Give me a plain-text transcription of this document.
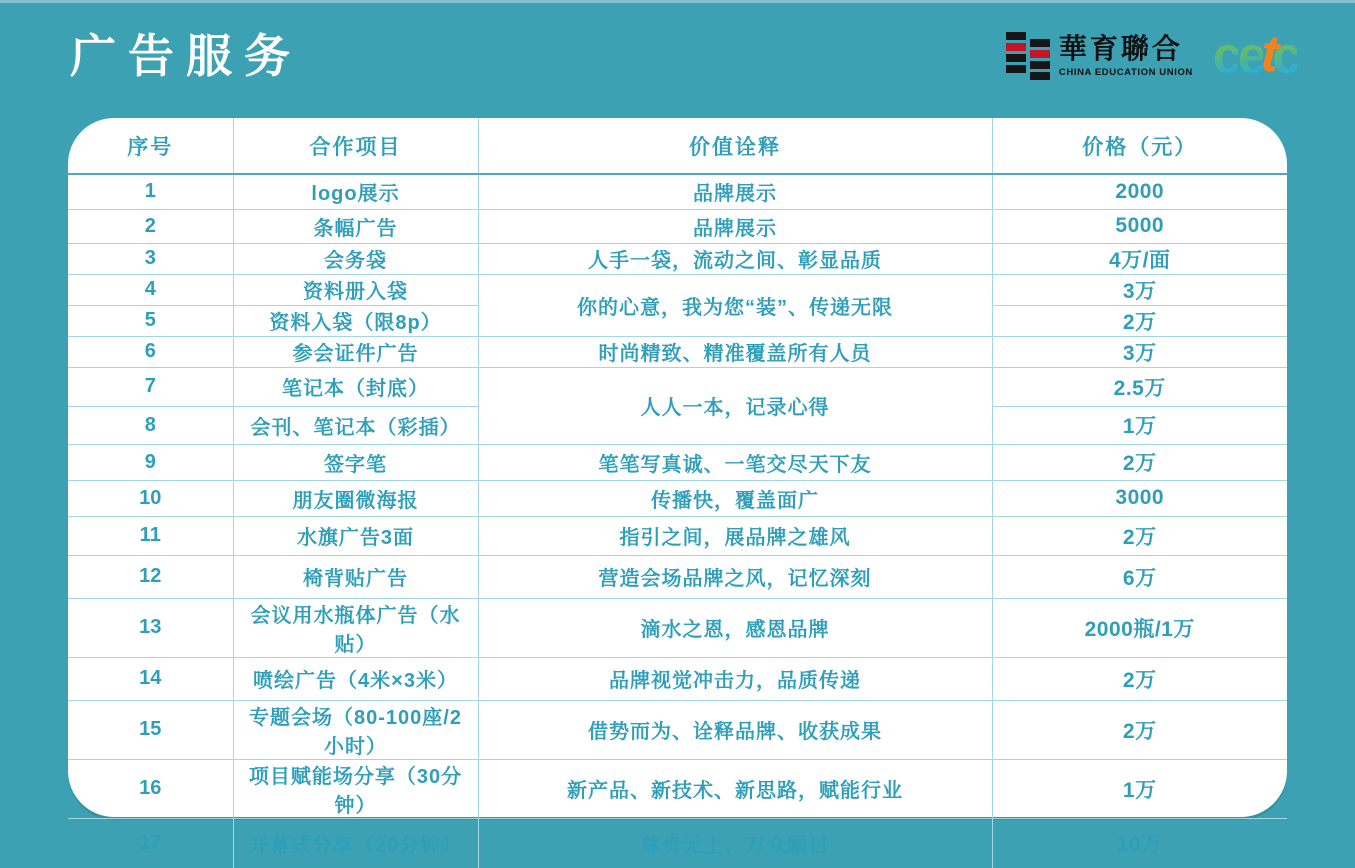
广告服务	華育聯合
CHINA EDUCATION UNION c e
t
c
序号	合作项目	价值诠释	价格（元）
1	logo展示	品牌展示	2000
2	条幅广告	品牌展示	5000
3	会务袋	人手一袋，流动之间、彰显品质	4万/面
4	资料册入袋	你的心意，我为您“装”、传递无限	3万
5	资料入袋（限8p）		2万
6	参会证件广告	时尚精致、精准覆盖所有人员	3万
7	笔记本（封底）	人人一本，记录心得	2.5万
8	会刊、笔记本（彩插）		1万
9	签字笔	笔笔写真诚、一笔交尽天下友	2万
10	朋友圈微海报	传播快，覆盖面广	3000
11	水旗广告3面	指引之间，展品牌之雄风	2万
12	椅背贴广告	营造会场品牌之风，记忆深刻	6万
13	会议用水瓶体广告（水贴）	滴水之恩，感恩品牌	2000瓶/1万
14	喷绘广告（4米×3米）	品牌视觉冲击力，品质传递	2万
15	专题会场（80-100座/2小时）	借势而为、诠释品牌、收获成果	2万
16	项目赋能场分享（30分钟）	新产品、新技术、新思路，赋能行业	1万
17	开幕式分享（20分钟）	尊贵无上、万众瞩目	10万
